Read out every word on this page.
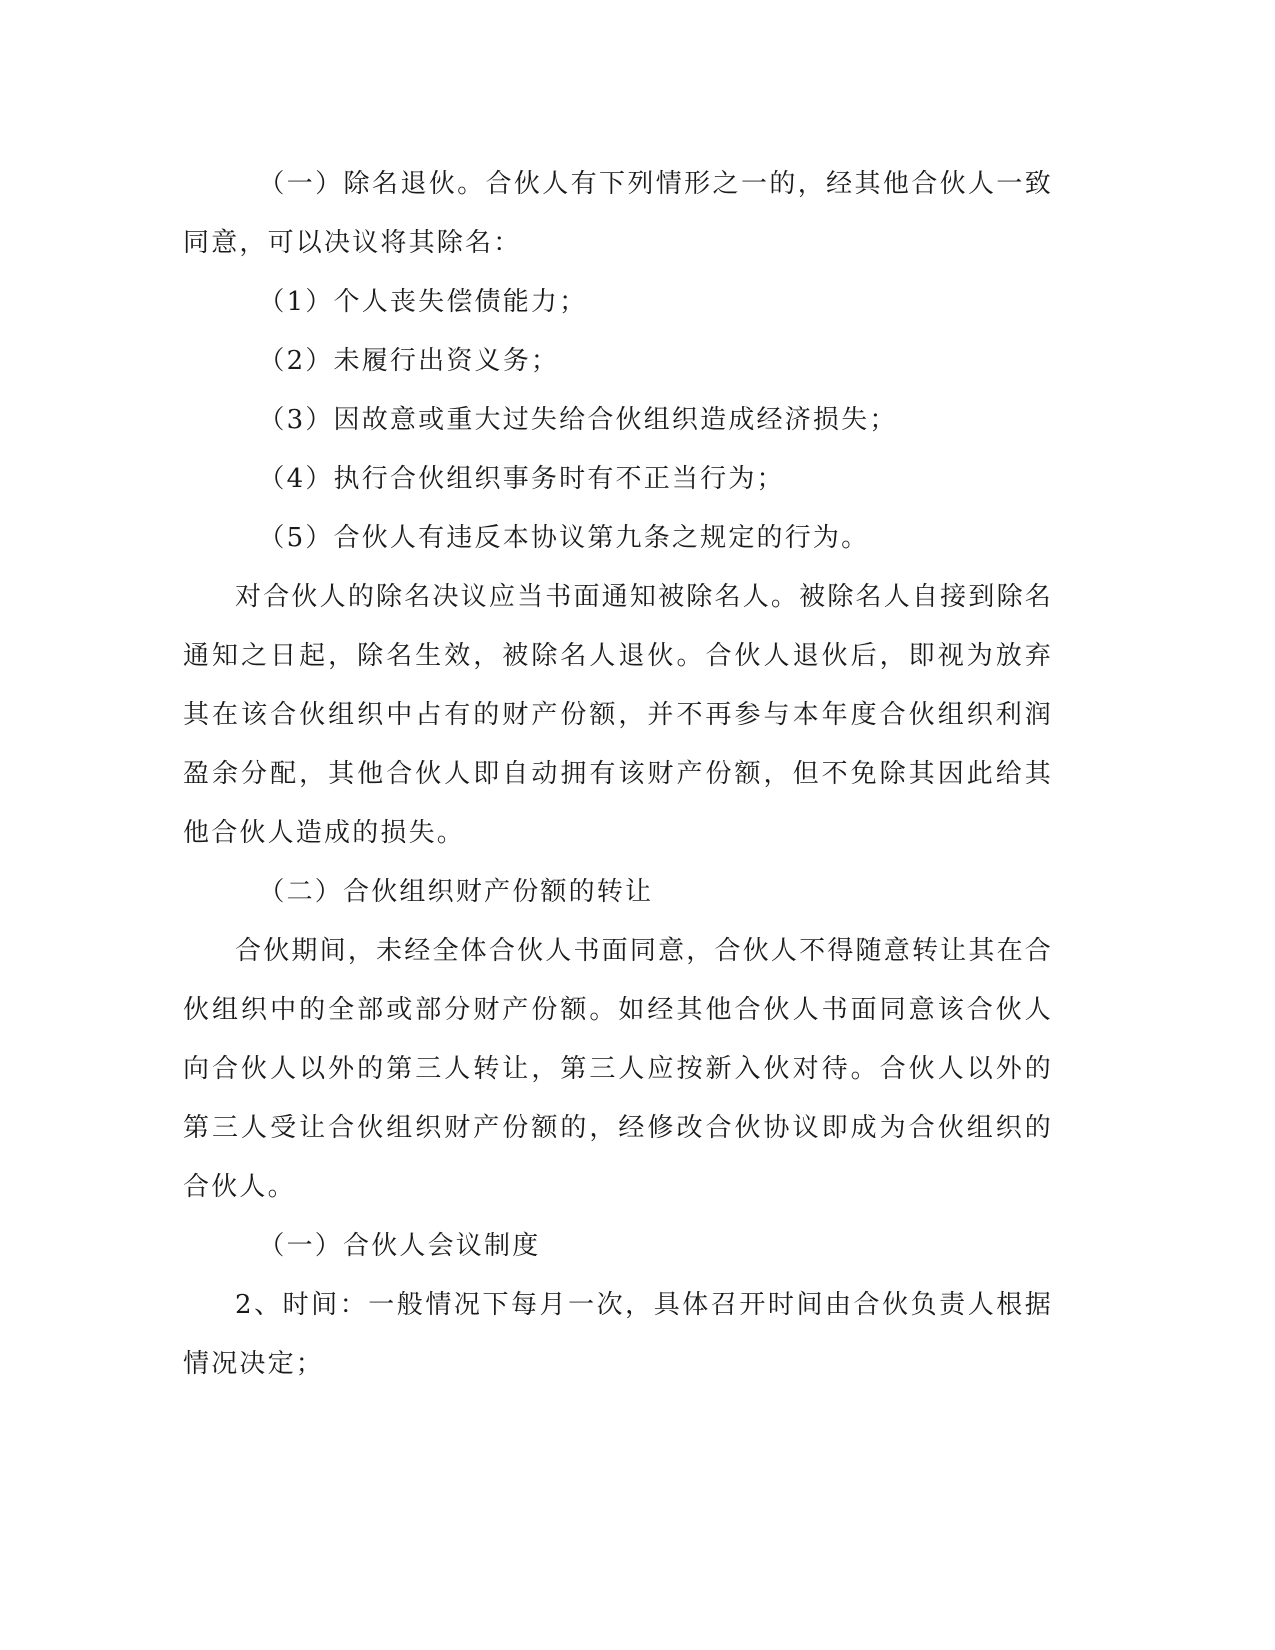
（一）除名退伙。合伙人有下列情形之一的，经其他合伙人一致同意，可以决议将其除名：

（1）个人丧失偿债能力；

（2）未履行出资义务；

（3）因故意或重大过失给合伙组织造成经济损失；

（4）执行合伙组织事务时有不正当行为；

（5）合伙人有违反本协议第九条之规定的行为。

对合伙人的除名决议应当书面通知被除名人。被除名人自接到除名通知之日起，除名生效，被除名人退伙。合伙人退伙后，即视为放弃其在该合伙组织中占有的财产份额，并不再参与本年度合伙组织利润盈余分配，其他合伙人即自动拥有该财产份额，但不免除其因此给其他合伙人造成的损失。

（二）合伙组织财产份额的转让

合伙期间，未经全体合伙人书面同意，合伙人不得随意转让其在合伙组织中的全部或部分财产份额。如经其他合伙人书面同意该合伙人向合伙人以外的第三人转让，第三人应按新入伙对待。合伙人以外的第三人受让合伙组织财产份额的，经修改合伙协议即成为合伙组织的合伙人。

（一）合伙人会议制度

2、时间：一般情况下每月一次，具体召开时间由合伙负责人根据情况决定；
